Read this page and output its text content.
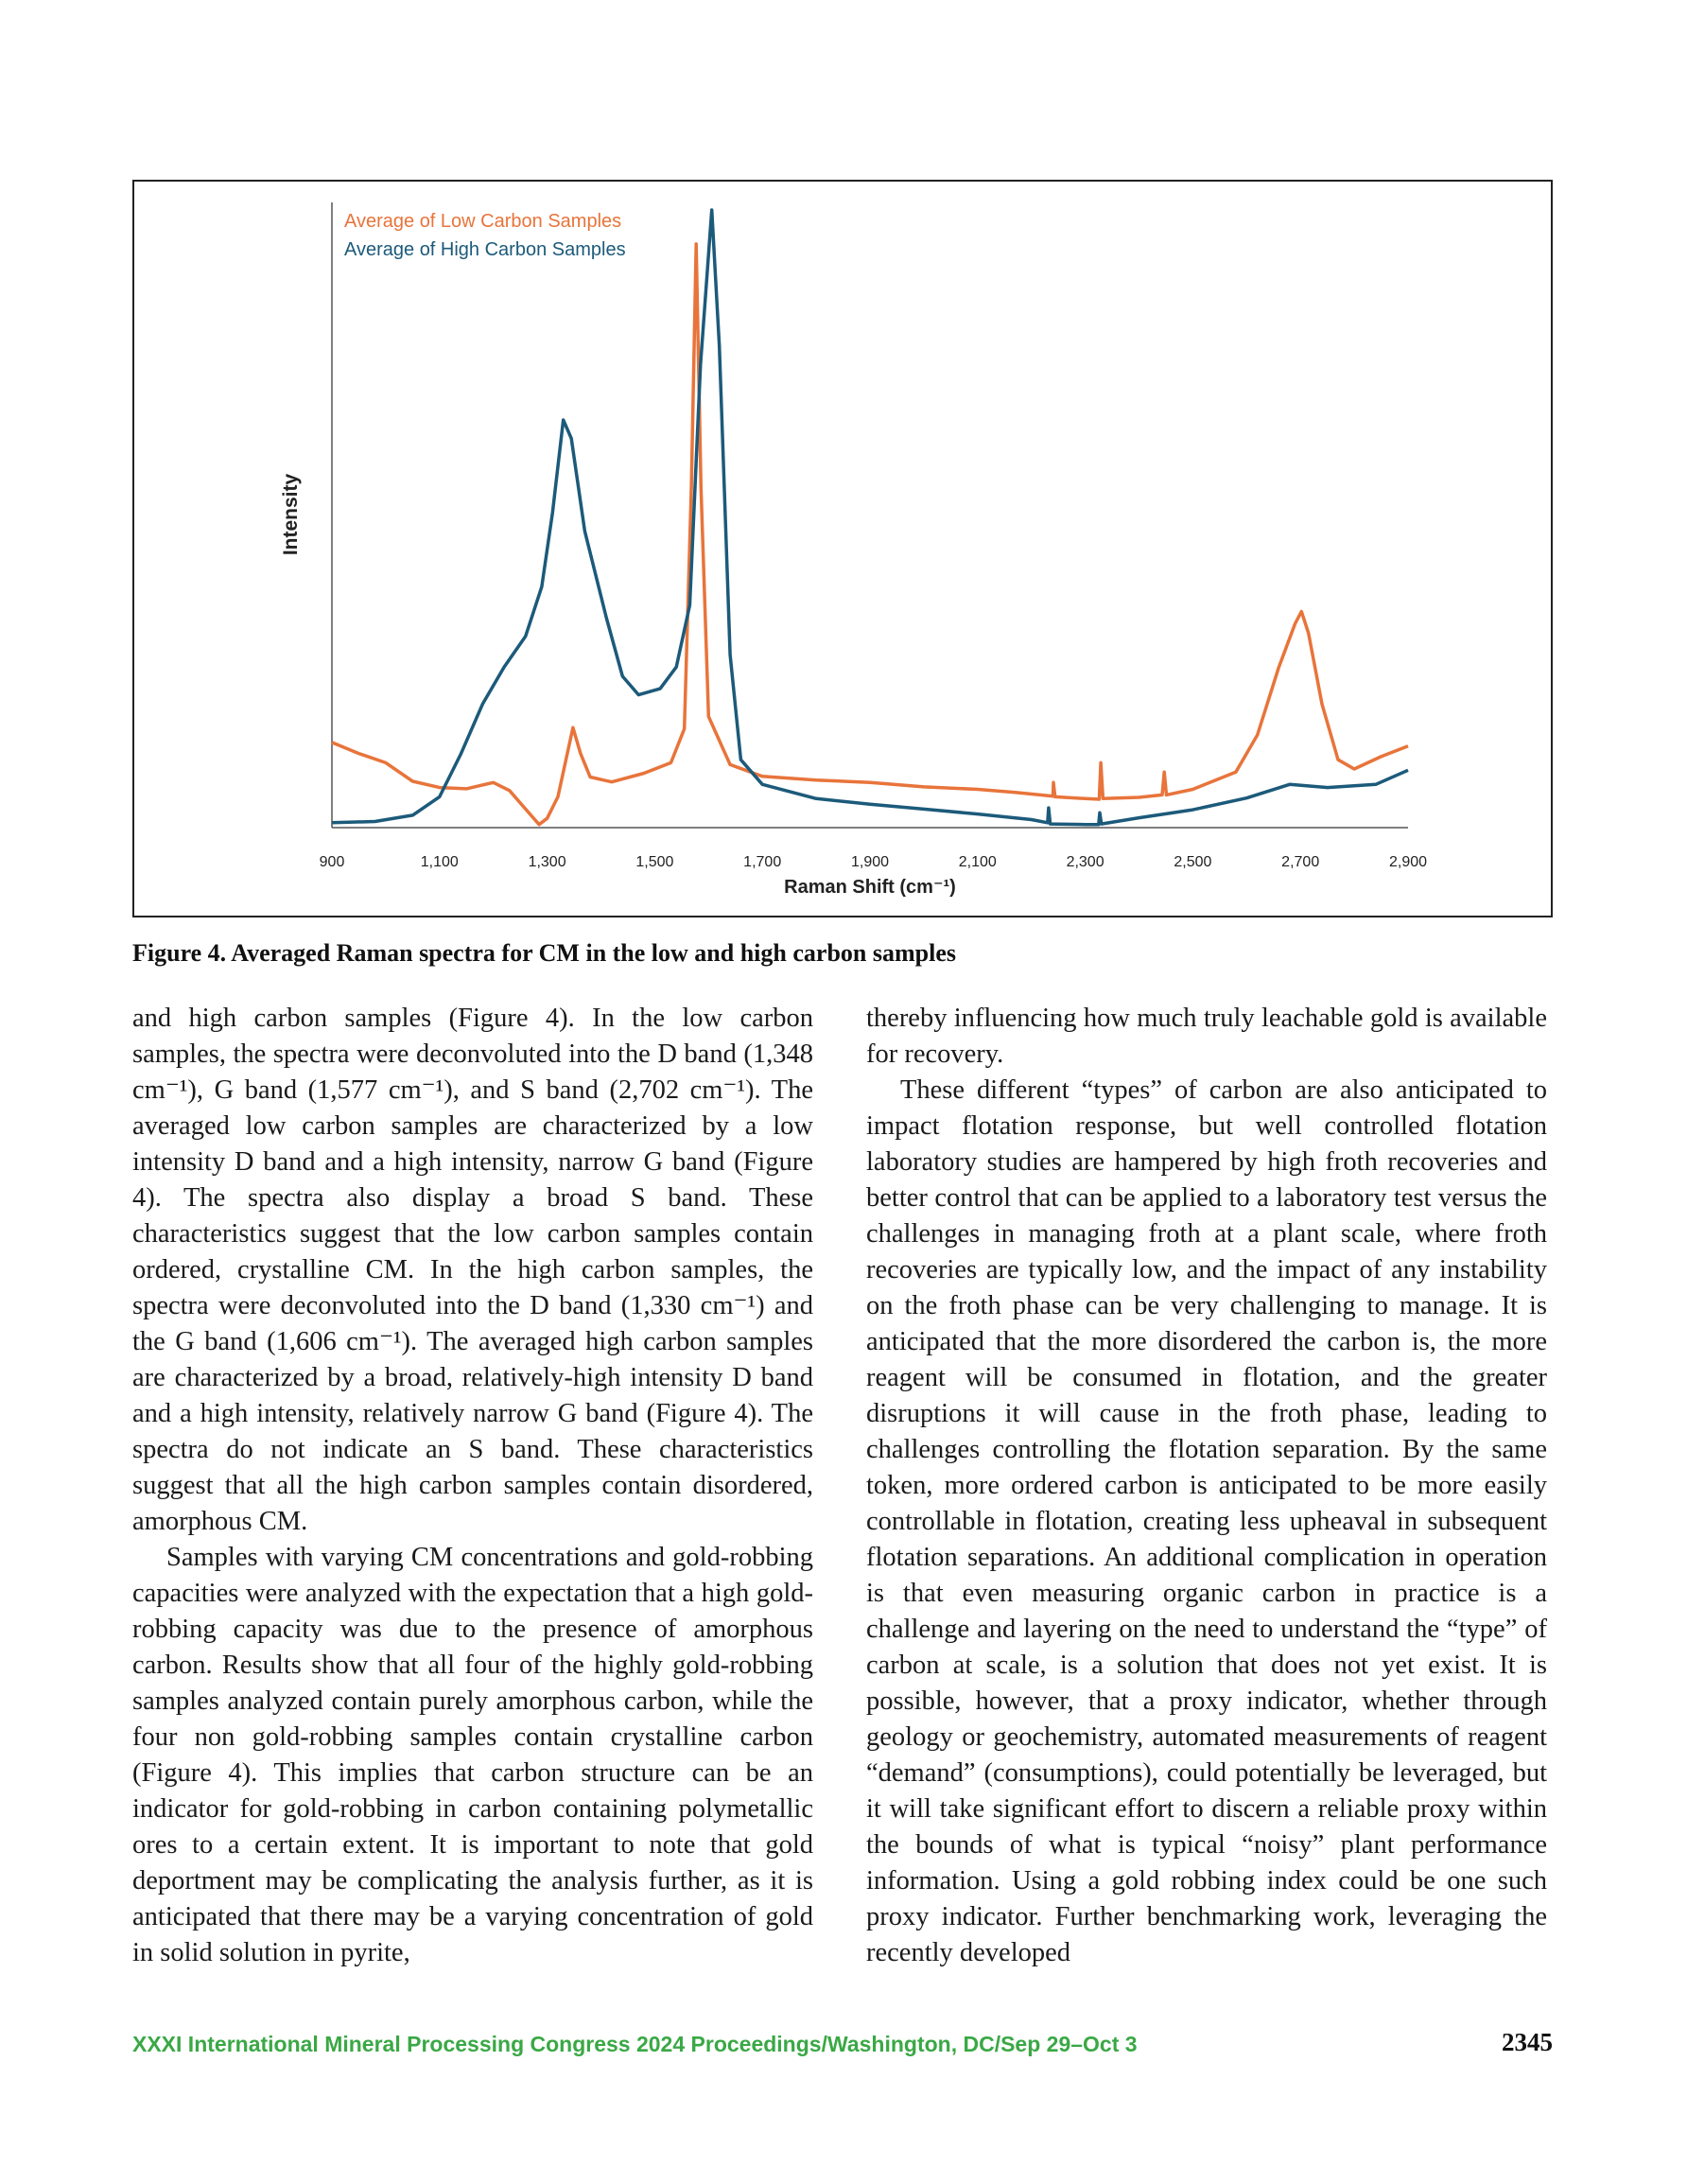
900	1,100	1,300	1,500	1,700	1,900	2,100	2,300	2,500	2,700	2,900
Average of Low Carbon Samples
Average of High Carbon Samples
Raman Shift (cm⁻¹)
Intensity
Figure 4. Averaged Raman spectra for CM in the low and high carbon samples

and high carbon samples (Figure 4). In the low carbon samples, the spectra were deconvoluted into the D band (1,348 cm⁻¹), G band (1,577 cm⁻¹), and S band (2,702 cm⁻¹). The averaged low carbon samples are characterized by a low intensity D band and a high intensity, narrow G band (Figure 4). The spectra also display a broad S band. These characteristics suggest that the low carbon samples contain ordered, crystalline CM. In the high carbon samples, the spectra were deconvoluted into the D band (1,330 cm⁻¹) and the G band (1,606 cm⁻¹). The averaged high carbon samples are characterized by a broad, relatively-high intensity D band and a high intensity, relatively narrow G band (Figure 4). The spectra do not indicate an S band. These characteristics suggest that all the high carbon samples contain disordered, amorphous CM.

Samples with varying CM concentrations and gold-robbing capacities were analyzed with the expectation that a high gold-robbing capacity was due to the presence of amorphous carbon. Results show that all four of the highly gold-robbing samples analyzed contain purely amorphous carbon, while the four non gold-robbing samples contain crystalline carbon (Figure 4). This implies that carbon structure can be an indicator for gold-robbing in carbon containing polymetallic ores to a certain extent. It is important to note that gold deportment may be complicating the analysis further, as it is anticipated that there may be a varying concentration of gold in solid solution in pyrite,

thereby influencing how much truly leachable gold is available for recovery.

These different “types” of carbon are also anticipated to impact flotation response, but well controlled flotation laboratory studies are hampered by high froth recoveries and better control that can be applied to a laboratory test versus the challenges in managing froth at a plant scale, where froth recoveries are typically low, and the impact of any instability on the froth phase can be very challenging to manage. It is anticipated that the more disordered the carbon is, the more reagent will be consumed in flotation, and the greater disruptions it will cause in the froth phase, leading to challenges controlling the flotation separation. By the same token, more ordered carbon is anticipated to be more easily controllable in flotation, creating less upheaval in subsequent flotation separations. An additional complication in operation is that even measuring organic carbon in practice is a challenge and layering on the need to understand the “type” of carbon at scale, is a solution that does not yet exist. It is possible, however, that a proxy indicator, whether through geology or geochemistry, automated measurements of reagent “demand” (consumptions), could potentially be leveraged, but it will take significant effort to discern a reliable proxy within the bounds of what is typical “noisy” plant performance information. Using a gold robbing index could be one such proxy indicator. Further benchmarking work, leveraging the recently developed

XXXI International Mineral Processing Congress 2024 Proceedings/Washington, DC/Sep 29–Oct 3	2345
